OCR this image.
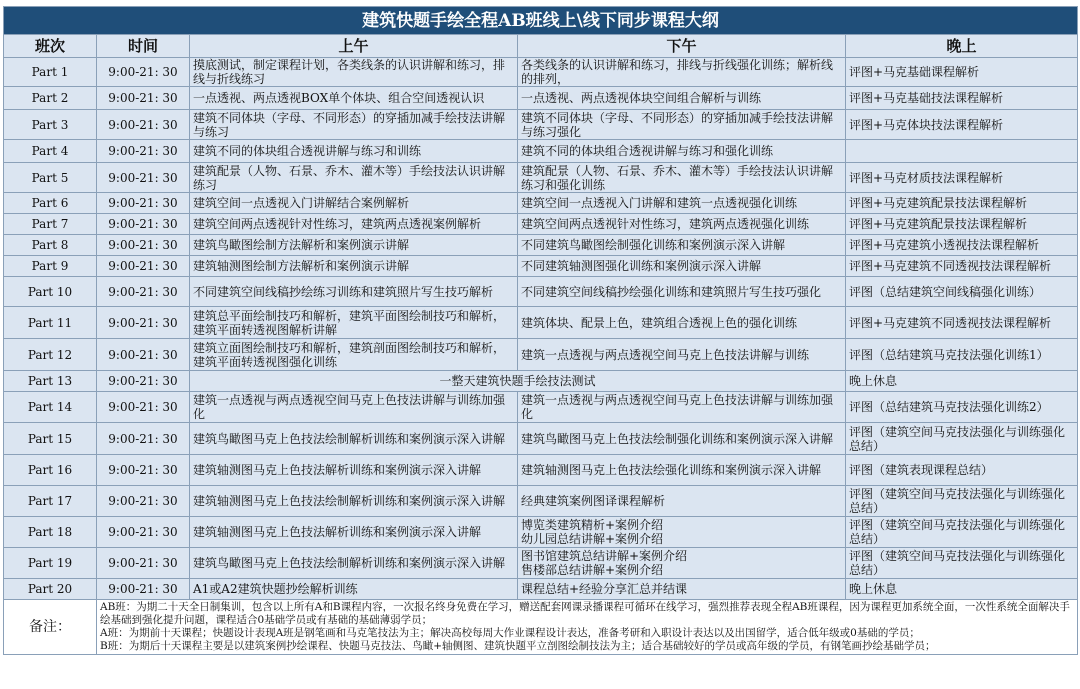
建筑快题手绘全程AB班线上\线下同步课程大纲				
班次	时间	上午	下午	晚上
Part 1	9:00-21: 30	摸底测试，制定课程计划，各类线条的认识讲解和练习，排线与折线练习	各类线条的认识讲解和练习，排线与折线强化训练；解析线的排列，	评图+马克基础课程解析
Part 2	9:00-21: 30	一点透视、两点透视BOX单个体块、组合空间透视认识	一点透视、两点透视体块空间组合解析与训练	评图+马克基础技法课程解析
Part 3	9:00-21: 30	建筑不同体块（字母、不同形态）的穿插加减手绘技法讲解与练习	建筑不同体块（字母、不同形态）的穿插加减手绘技法讲解与练习强化	评图+马克体块技法课程解析
Part 4	9:00-21: 30	建筑不同的体块组合透视讲解与练习和训练	建筑不同的体块组合透视讲解与练习和强化训练	
Part 5	9:00-21: 30	建筑配景（人物、石景、乔木、灌木等）手绘技法认识讲解练习	建筑配景（人物、石景、乔木、灌木等）手绘技法认识讲解练习和强化训练	评图+马克材质技法课程解析
Part 6	9:00-21: 30	建筑空间一点透视入门讲解结合案例解析	建筑空间一点透视入门讲解和建筑一点透视强化训练	评图+马克建筑配景技法课程解析
Part 7	9:00-21: 30	建筑空间两点透视针对性练习，建筑两点透视案例解析	建筑空间两点透视针对性练习，建筑两点透视强化训练	评图+马克建筑配景技法课程解析
Part 8	9:00-21: 30	建筑鸟瞰图绘制方法解析和案例演示讲解	不同建筑鸟瞰图绘制强化训练和案例演示深入讲解	评图+马克建筑小透视技法课程解析
Part 9	9:00-21: 30	建筑轴测图绘制方法解析和案例演示讲解	不同建筑轴测图强化训练和案例演示深入讲解	评图+马克建筑不同透视技法课程解析
Part 10	9:00-21: 30	不同建筑空间线稿抄绘练习训练和建筑照片写生技巧解析	不同建筑空间线稿抄绘强化训练和建筑照片写生技巧强化	评图（总结建筑空间线稿强化训练）
Part 11	9:00-21: 30	建筑总平面绘制技巧和解析，建筑平面图绘制技巧和解析，建筑平面转透视图解析讲解	建筑体块、配景上色，建筑组合透视上色的强化训练	评图+马克建筑不同透视技法课程解析
Part 12	9:00-21: 30	建筑立面图绘制技巧和解析，建筑剖面图绘制技巧和解析，建筑平面转透视图强化训练	建筑一点透视与两点透视空间马克上色技法讲解与训练	评图（总结建筑马克技法强化训练1）
Part 13	9:00-21: 30	一整天建筑快题手绘技法测试		晚上休息
Part 14	9:00-21: 30	建筑一点透视与两点透视空间马克上色技法讲解与训练加强化	建筑一点透视与两点透视空间马克上色技法讲解与训练加强化	评图（总结建筑马克技法强化训练2）
Part 15	9:00-21: 30	建筑鸟瞰图马克上色技法绘制解析训练和案例演示深入讲解	建筑鸟瞰图马克上色技法绘制强化训练和案例演示深入讲解	评图（建筑空间马克技法强化与训练强化总结）
Part 16	9:00-21: 30	建筑轴测图马克上色技法解析训练和案例演示深入讲解	建筑轴测图马克上色技法绘强化训练和案例演示深入讲解	评图（建筑表现课程总结）
Part 17	9:00-21: 30	建筑轴测图马克上色技法绘制解析训练和案例演示深入讲解	经典建筑案例图译课程解析	评图（建筑空间马克技法强化与训练强化总结）
Part 18	9:00-21: 30	建筑轴测图马克上色技法解析训练和案例演示深入讲解	博览类建筑精析+案例介绍
幼儿园总结讲解+案例介绍	评图（建筑空间马克技法强化与训练强化总结）
Part 19	9:00-21: 30	建筑鸟瞰图马克上色技法绘制解析训练和案例演示深入讲解	图书馆建筑总结讲解+案例介绍
售楼部总结讲解+案例介绍	评图（建筑空间马克技法强化与训练强化总结）
Part 20	9:00-21: 30	A1或A2建筑快题抄绘解析训练	课程总结+经验分享汇总并结课	晚上休息
备注：	AB班：为期二十天全日制集训，包含以上所有A和B课程内容，一次报名终身免费在学习，赠送配套网课录播课程可循环在线学习，强烈推荐表现全程AB班课程，因为课程更加系统全面，一次性系统全面解决手绘基础到强化提升问题，课程适合0基础学员或有基础的基础薄弱学员；
A班：为期前十天课程；快题设计表现A班是钢笔画和马克笔技法为主；解决高校每周大作业课程设计表达，准备考研和入职设计表达以及出国留学，适合低年级或0基础的学员；
B班：为期后十天课程主要是以建筑案例抄绘课程、快题马克技法、鸟瞰+轴侧图、建筑快题平立剖图绘制技法为主；适合基础较好的学员或高年级的学员，有钢笔画抄绘基础学员；			
